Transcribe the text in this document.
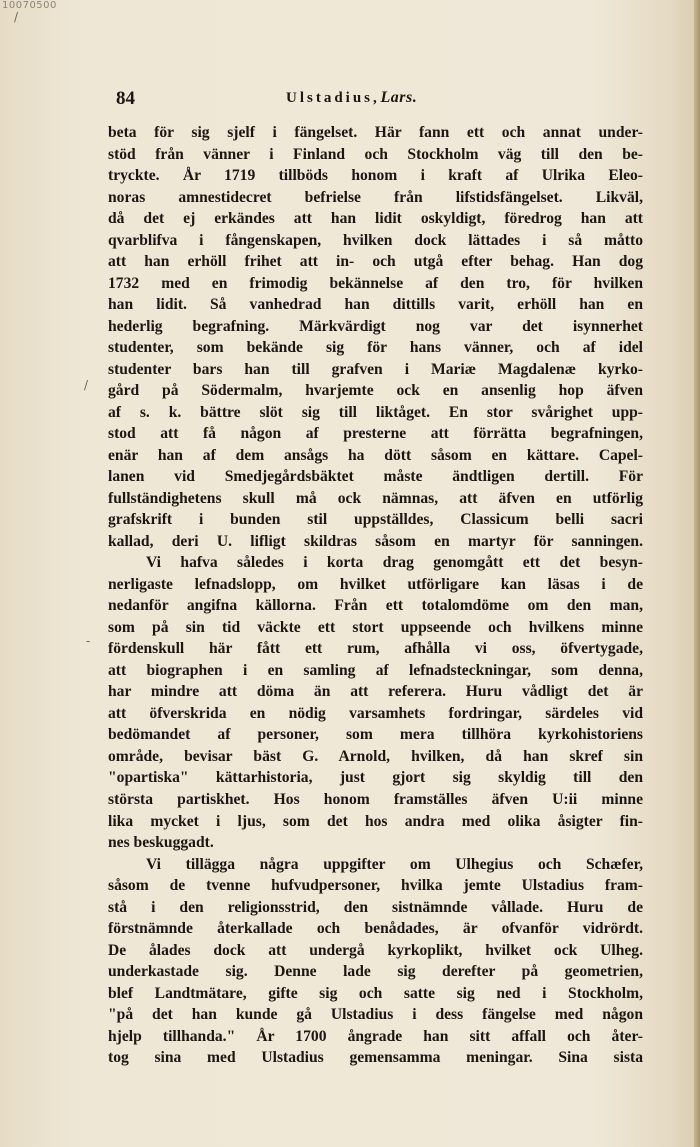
10070500
84	Ulstadius, Lars.
beta för sig sjelf i fängelset. Här fann ett och annat under-
stöd från vänner i Finland och Stockholm väg till den be-
tryckte. År 1719 tillböds honom i kraft af Ulrika Eleo-
noras amnestidecret befrielse från lifstidsfängelset. Likväl,
då det ej erkändes att han lidit oskyldigt, föredrog han att
qvarblifva i fångenskapen, hvilken dock lättades i så måtto
att han erhöll frihet att in- och utgå efter behag. Han dog
1732 med en frimodig bekännelse af den tro, för hvilken
han lidit. Så vanhedrad han dittills varit, erhöll han en
hederlig begrafning. Märkvärdigt nog var det isynnerhet
studenter, som bekände sig för hans vänner, och af idel
studenter bars han till grafven i Mariæ Magdalenæ kyrko-
gård på Södermalm, hvarjemte ock en ansenlig hop äfven
af s. k. bättre slöt sig till liktåget. En stor svårighet upp-
stod att få någon af presterne att förrätta begrafningen,
enär han af dem ansågs ha dött såsom en kättare. Capel-
lanen vid Smedjegårdsbäktet måste ändtligen dertill. För
fullständighetens skull må ock nämnas, att äfven en utförlig
grafskrift i bunden stil uppställdes, Classicum belli sacri
kallad, deri U. lifligt skildras såsom en martyr för sanningen.
Vi hafva således i korta drag genomgått ett det besyn-
nerligaste lefnadslopp, om hvilket utförligare kan läsas i de
nedanför angifna källorna. Från ett totalomdöme om den man,
som på sin tid väckte ett stort uppseende och hvilkens minne
fördenskull här fått ett rum, afhålla vi oss, öfvertygade,
att biographen i en samling af lefnadsteckningar, som denna,
har mindre att döma än att referera. Huru vådligt det är
att öfverskrida en nödig varsamhets fordringar, särdeles vid
bedömandet af personer, som mera tillhöra kyrkohistoriens
område, bevisar bäst G. Arnold, hvilken, då han skref sin
"opartiska" kättarhistoria, just gjort sig skyldig till den
största partiskhet. Hos honom framställes äfven U:ii minne
lika mycket i ljus, som det hos andra med olika åsigter fin-
nes beskuggadt.
Vi tillägga några uppgifter om Ulhegius och Schæfer,
såsom de tvenne hufvudpersoner, hvilka jemte Ulstadius fram-
stå i den religionsstrid, den sistnämnde vållade. Huru de
förstnämnde återkallade och benådades, är ofvanför vidrördt.
De ålades dock att undergå kyrkoplikt, hvilket ock Ulheg.
underkastade sig. Denne lade sig derefter på geometrien,
blef Landtmätare, gifte sig och satte sig ned i Stockholm,
"på det han kunde gå Ulstadius i dess fängelse med någon
hjelp tillhanda." År 1700 ångrade han sitt affall och åter-
tog sina med Ulstadius gemensamma meningar. Sina sista
/
-
/
